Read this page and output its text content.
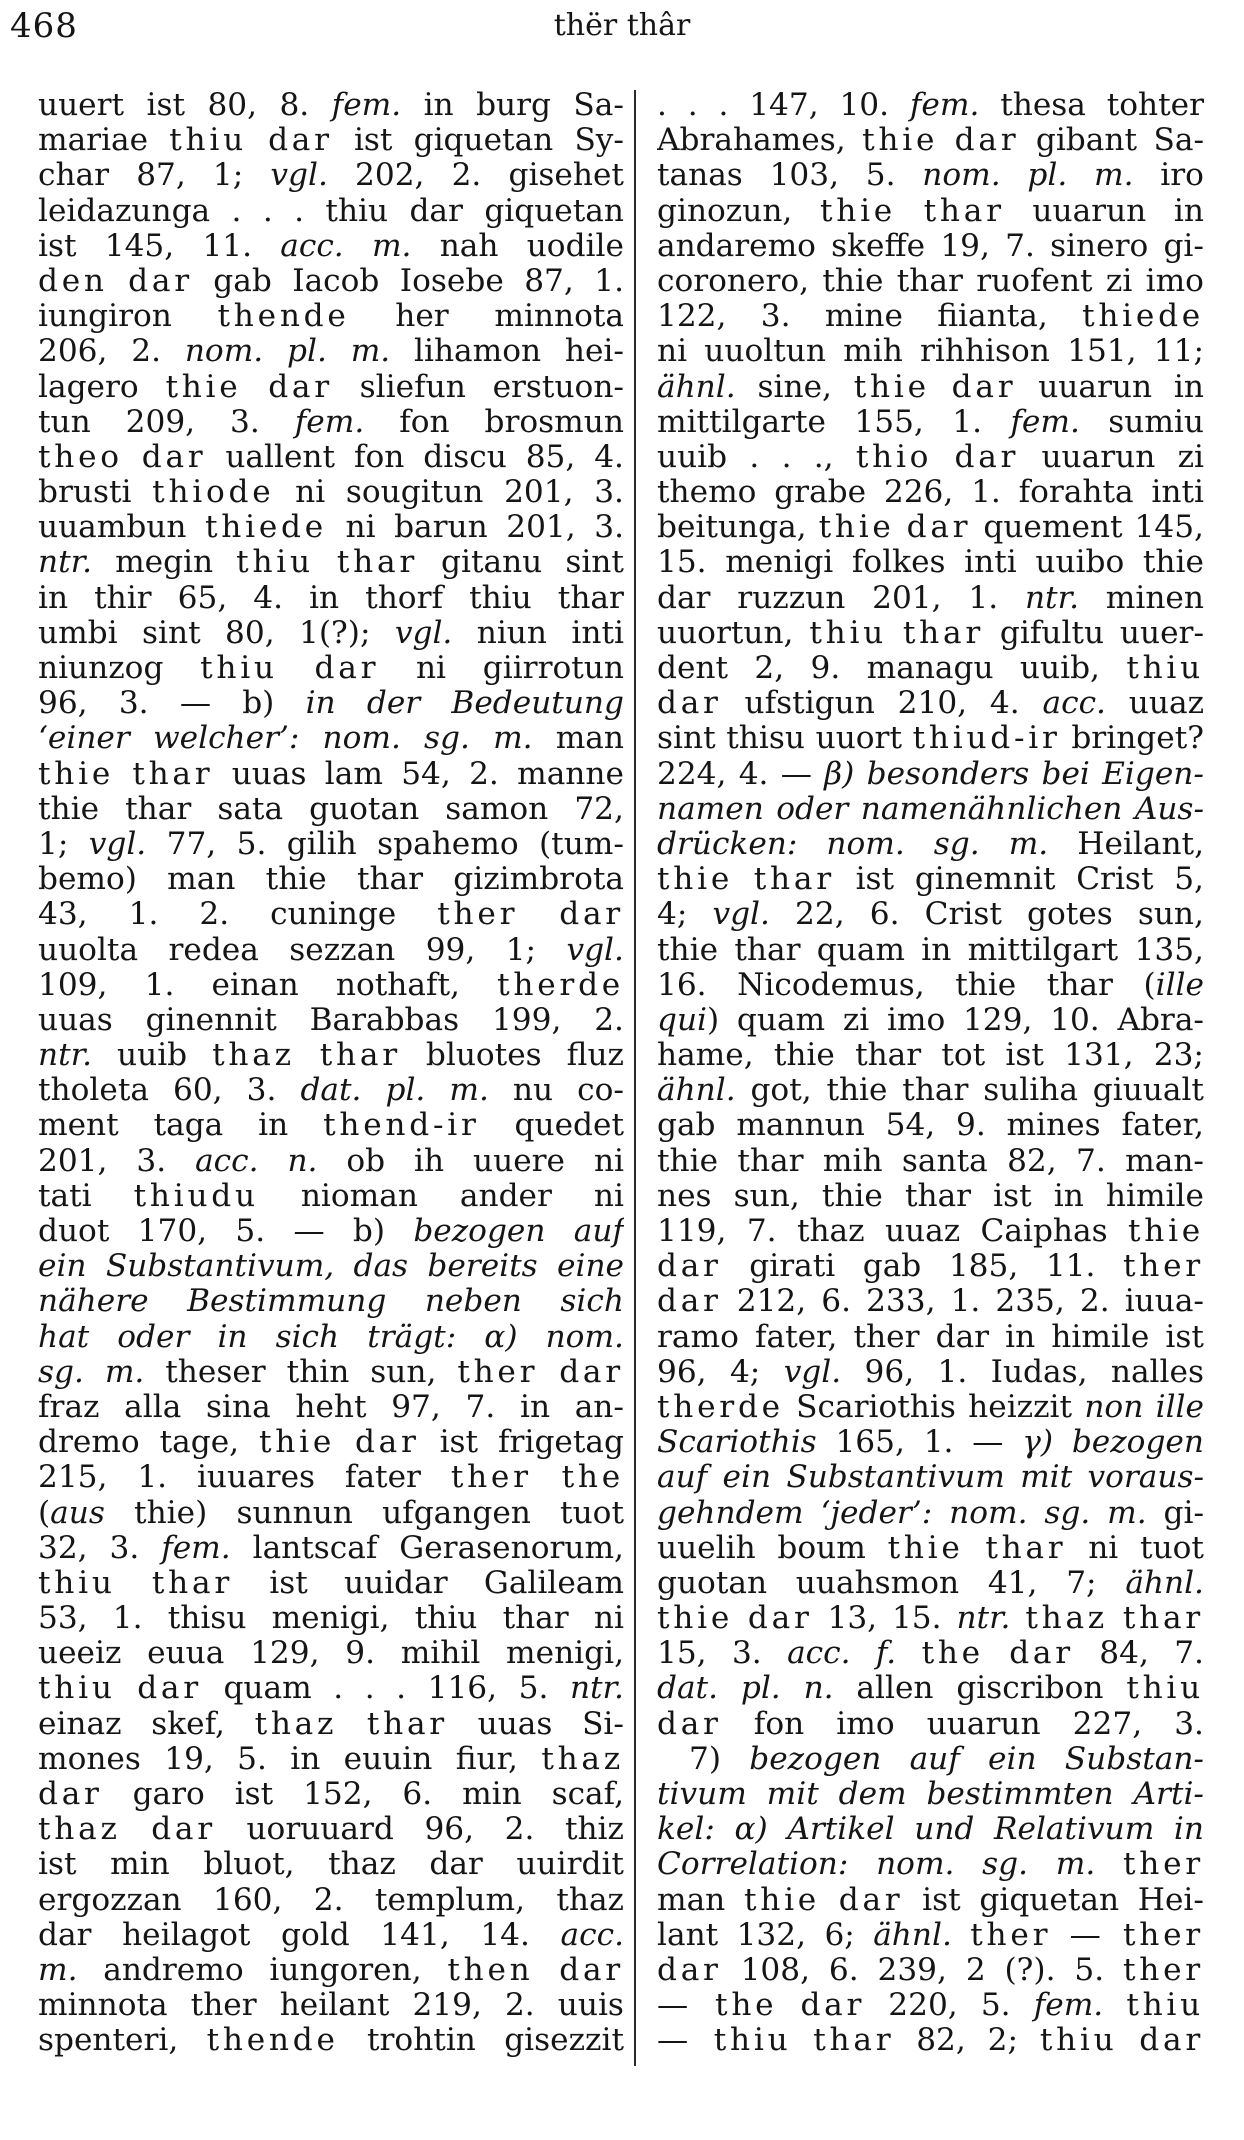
468	thër thâr
uuert ist 80, 8. fem. in burg Sa-
mariae thiu dar ist giquetan Sy-
char 87, 1; vgl. 202, 2. gisehet
leidazunga . . . thiu dar giquetan
ist 145, 11. acc. m. nah uodile
den dar gab Iacob Iosebe 87, 1.
iungiron thende her minnota
206, 2. nom. pl. m. lihamon hei-
lagero thie dar sliefun erstuon-
tun 209, 3. fem. fon brosmun
theo dar uallent fon discu 85, 4.
brusti thiode ni sougitun 201, 3.
uuambun thiede ni barun 201, 3.
ntr. megin thiu thar gitanu sint
in thir 65, 4. in thorf thiu thar
umbi sint 80, 1(?); vgl. niun inti
niunzog thiu dar ni giirrotun
96, 3. — b) in der Bedeutung
‘einer welcher’: nom. sg. m. man
thie thar uuas lam 54, 2. manne
thie thar sata guotan samon 72,
1; vgl. 77, 5. gilih spahemo (tum-
bemo) man thie thar gizimbrota
43, 1. 2. cuninge ther dar
uuolta redea sezzan 99, 1; vgl.
109, 1. einan nothaft, therde
uuas ginennit Barabbas 199, 2.
ntr. uuib thaz thar bluotes fluz
tholeta 60, 3. dat. pl. m. nu co-
ment taga in thend-ir quedet
201, 3. acc. n. ob ih uuere ni
tati thiudu nioman ander ni
duot 170, 5. — b) bezogen auf
ein Substantivum, das bereits eine
nähere Bestimmung neben sich
hat oder in sich trägt: α) nom.
sg. m. theser thin sun, ther dar
fraz alla sina heht 97, 7. in an-
dremo tage, thie dar ist frigetag
215, 1. iuuares fater ther the
(aus thie) sunnun ufgangen tuot
32, 3. fem. lantscaf Gerasenorum,
thiu thar ist uuidar Galileam
53, 1. thisu menigi, thiu thar ni
ueeiz euua 129, 9. mihil menigi,
thiu dar quam . . . 116, 5. ntr.
einaz skef, thaz thar uuas Si-
mones 19, 5. in euuin fiur, thaz
dar garo ist 152, 6. min scaf,
thaz dar uoruuard 96, 2. thiz
ist min bluot, thaz dar uuirdit
ergozzan 160, 2. templum, thaz
dar heilagot gold 141, 14. acc.
m. andremo iungoren, then dar
minnota ther heilant 219, 2. uuis
spenteri, thende trohtin gisezzit
. . . 147, 10. fem. thesa tohter
Abrahames, thie dar gibant Sa-
tanas 103, 5. nom. pl. m. iro
ginozun, thie thar uuarun in
andaremo skeffe 19, 7. sinero gi-
coronero, thie thar ruofent zi imo
122, 3. mine fiianta, thiede
ni uuoltun mih rihhison 151, 11;
ähnl. sine, thie dar uuarun in
mittilgarte 155, 1. fem. sumiu
uuib . . ., thio dar uuarun zi
themo grabe 226, 1. forahta inti
beitunga, thie dar quement 145,
15. menigi folkes inti uuibo thie
dar ruzzun 201, 1. ntr. minen
uuortun, thiu thar gifultu uuer-
dent 2, 9. managu uuib, thiu
dar ufstigun 210, 4. acc. uuaz
sint thisu uuort thiud-ir bringet?
224, 4. — β) besonders bei Eigen-
namen oder namenähnlichen Aus-
drücken: nom. sg. m. Heilant,
thie thar ist ginemnit Crist 5,
4; vgl. 22, 6. Crist gotes sun,
thie thar quam in mittilgart 135,
16. Nicodemus, thie thar (ille
qui) quam zi imo 129, 10. Abra-
hame, thie thar tot ist 131, 23;
ähnl. got, thie thar suliha giuualt
gab mannun 54, 9. mines fater,
thie thar mih santa 82, 7. man-
nes sun, thie thar ist in himile
119, 7. thaz uuaz Caiphas thie
dar girati gab 185, 11. ther
dar 212, 6. 233, 1. 235, 2. iuua-
ramo fater, ther dar in himile ist
96, 4; vgl. 96, 1. Iudas, nalles
therde Scariothis heizzit non ille
Scariothis 165, 1. — γ) bezogen
auf ein Substantivum mit voraus-
gehndem ‘jeder’: nom. sg. m. gi-
uuelih boum thie thar ni tuot
guotan uuahsmon 41, 7; ähnl.
thie dar 13, 15. ntr. thaz thar
15, 3. acc. f. the dar 84, 7.
dat. pl. n. allen giscribon thiu
dar fon imo uuarun 227, 3.
7) bezogen auf ein Substan-
tivum mit dem bestimmten Arti-
kel: α) Artikel und Relativum in
Correlation: nom. sg. m. ther
man thie dar ist giquetan Hei-
lant 132, 6; ähnl. ther — ther
dar 108, 6. 239, 2 (?). 5. ther
— the dar 220, 5. fem. thiu
— thiu thar 82, 2; thiu dar
